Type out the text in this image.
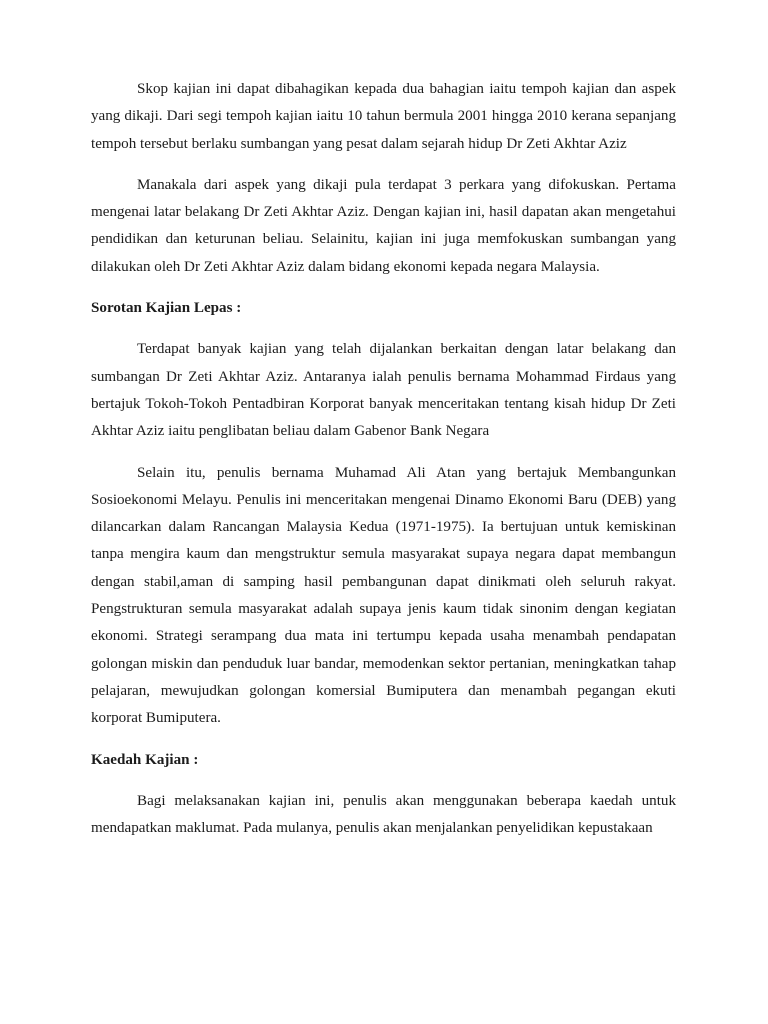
Skop kajian ini dapat dibahagikan kepada dua bahagian iaitu tempoh kajian dan aspek yang dikaji. Dari segi tempoh kajian iaitu 10 tahun bermula 2001 hingga 2010 kerana sepanjang tempoh tersebut berlaku sumbangan yang pesat dalam sejarah hidup Dr Zeti Akhtar Aziz

Manakala dari aspek yang dikaji pula terdapat 3 perkara yang difokuskan. Pertama mengenai latar belakang Dr Zeti Akhtar Aziz. Dengan kajian ini, hasil dapatan akan mengetahui pendidikan dan keturunan beliau. Selainitu, kajian ini juga memfokuskan sumbangan yang dilakukan oleh Dr Zeti Akhtar Aziz dalam bidang ekonomi kepada negara Malaysia.

Sorotan Kajian Lepas :

Terdapat banyak kajian yang telah dijalankan berkaitan dengan latar belakang dan sumbangan Dr Zeti Akhtar Aziz. Antaranya ialah penulis bernama Mohammad Firdaus yang bertajuk Tokoh-Tokoh Pentadbiran Korporat banyak menceritakan tentang kisah hidup Dr Zeti Akhtar Aziz iaitu penglibatan beliau dalam Gabenor Bank Negara

Selain itu, penulis bernama Muhamad Ali Atan yang bertajuk Membangunkan Sosioekonomi Melayu. Penulis ini menceritakan mengenai Dinamo Ekonomi Baru (DEB) yang dilancarkan dalam Rancangan Malaysia Kedua (1971-1975). Ia bertujuan untuk kemiskinan tanpa mengira kaum dan mengstruktur semula masyarakat supaya negara dapat membangun dengan stabil,aman di samping hasil pembangunan dapat dinikmati oleh seluruh rakyat. Pengstrukturan semula masyarakat adalah supaya jenis kaum tidak sinonim dengan kegiatan ekonomi. Strategi serampang dua mata ini tertumpu kepada usaha menambah pendapatan golongan miskin dan penduduk luar bandar, memodenkan sektor pertanian, meningkatkan tahap pelajaran, mewujudkan golongan komersial Bumiputera dan menambah pegangan ekuti korporat Bumiputera.

Kaedah Kajian :

Bagi melaksanakan kajian ini, penulis akan menggunakan beberapa kaedah untuk mendapatkan maklumat. Pada mulanya, penulis akan menjalankan penyelidikan kepustakaan
